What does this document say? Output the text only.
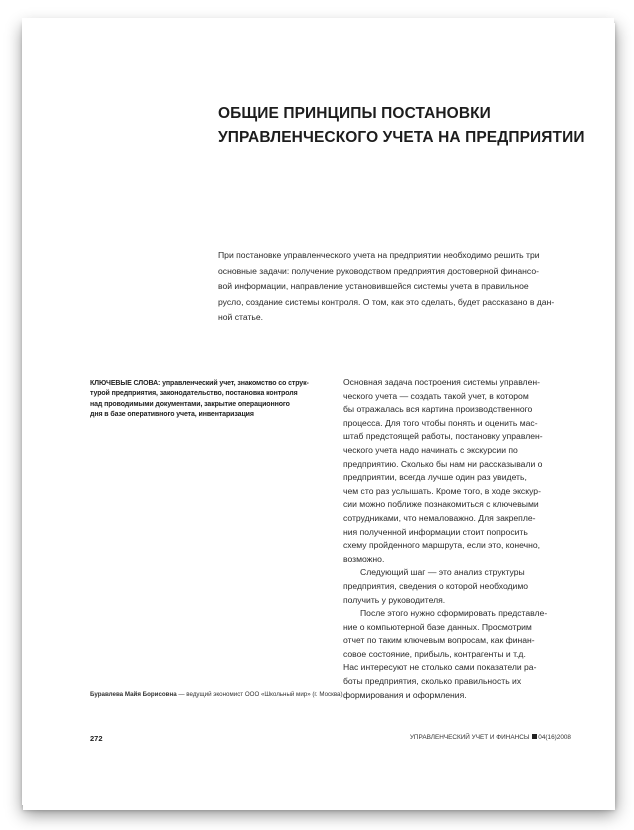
ОБЩИЕ ПРИНЦИПЫ ПОСТАНОВКИ
УПРАВЛЕНЧЕСКОГО УЧЕТА НА ПРЕДПРИЯТИИ
При постановке управленческого учета на предприятии необходимо решить три
основные задачи: получение руководством предприятия достоверной финансо-
вой информации, направление установившейся системы учета в правильное
русло, создание системы контроля. О том, как это сделать, будет рассказано в дан-
ной статье.
КЛЮЧЕВЫЕ СЛОВА: управленческий учет, знакомство со струк-
турой предприятия, законодательство, постановка контроля
над проводимыми документами, закрытие операционного
дня в базе оперативного учета, инвентаризация
Основная задача построения системы управлен-
ческого учета — создать такой учет, в котором
бы отражалась вся картина производственного
процесса. Для того чтобы понять и оценить мас-
штаб предстоящей работы, постановку управлен-
ческого учета надо начинать с экскурсии по
предприятию. Сколько бы нам ни рассказывали о
предприятии, всегда лучше один раз увидеть,
чем сто раз услышать. Кроме того, в ходе экскур-
сии можно поближе познакомиться с ключевыми
сотрудниками, что немаловажно. Для закрепле-
ния полученной информации стоит попросить
схему пройденного маршрута, если это, конечно,
возможно.
Следующий шаг — это анализ структуры
предприятия, сведения о которой необходимо
получить у руководителя.
После этого нужно сформировать представле-
ние о компьютерной базе данных. Просмотрим
отчет по таким ключевым вопросам, как финан-
совое состояние, прибыль, контрагенты и т.д.
Нас интересуют не столько сами показатели ра-
боты предприятия, сколько правильность их
формирования и оформления.
Буравлева Майя Борисовна — ведущий экономист ООО «Школьный мир» (г. Москва)
272	УПРАВЛЕНЧЕСКИЙ УЧЕТ И ФИНАНСЫ 04(16)2008
